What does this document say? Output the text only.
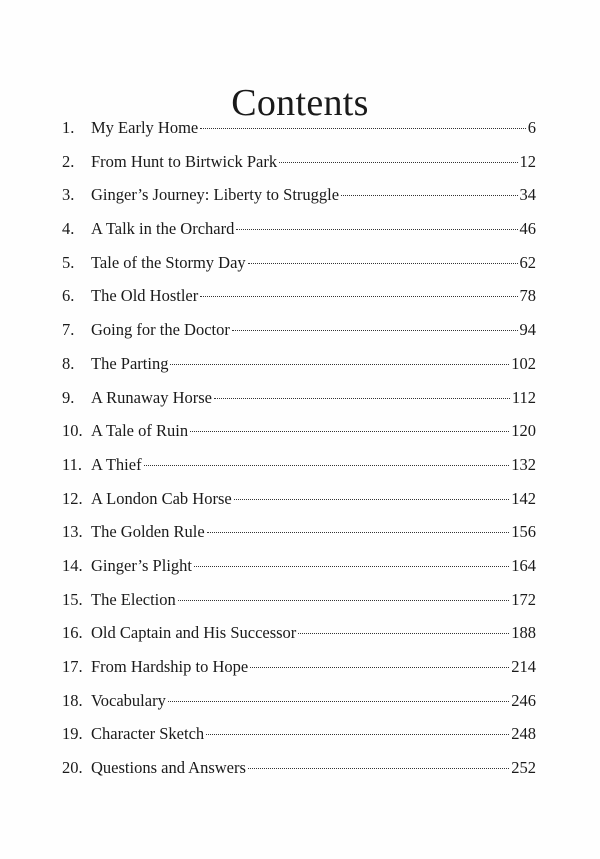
Contents
1.	My Early Home	6
2.	From Hunt to Birtwick Park	12
3.	Ginger’s Journey: Liberty to Struggle	34
4.	A Talk in the Orchard	46
5.	Tale of the Stormy Day	62
6.	The Old Hostler	78
7.	Going for the Doctor	94
8.	The Parting	102
9.	A Runaway Horse	112
10. A Tale of Ruin	120
11. A Thief	132
12. A London Cab Horse	142
13. The Golden Rule	156
14. Ginger’s Plight	164
15. The Election	172
16. Old Captain and His Successor	188
17. From Hardship to Hope	214
18. Vocabulary	246
19. Character Sketch	248
20. Questions and Answers	252
